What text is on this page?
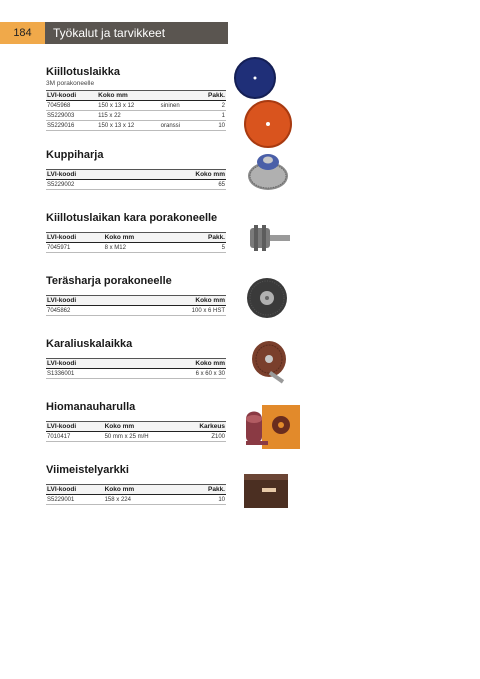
184	Työkalut ja tarvikkeet
Kiillotuslaikka
3M porakoneelle
LVI-koodi	Koko mm		Pakk.
7045968	150 x 13 x 12	sininen	2
S5229003	115 x 22		1
S5229016	150 x 13 x 12	oranssi	10
Kuppiharja
LVI-koodi	Koko mm
S5229002	65
Kiillotuslaikan kara porakoneelle
LVI-koodi	Koko mm	Pakk.
7045971	8 x M12	5
Teräsharja porakoneelle
LVI-koodi	Koko mm
7045862	100 x 6 HST
Karaliuskalaikka
LVI-koodi	Koko mm
S1336001	6 x 60 x 30
Hiomanauharulla
LVI-koodi	Koko mm	Karkeus
7010417	50 mm x 25 m/H	Z100
Viimeistelyarkki
LVI-koodi	Koko mm	Pakk.
S5229001	158 x 224	10
